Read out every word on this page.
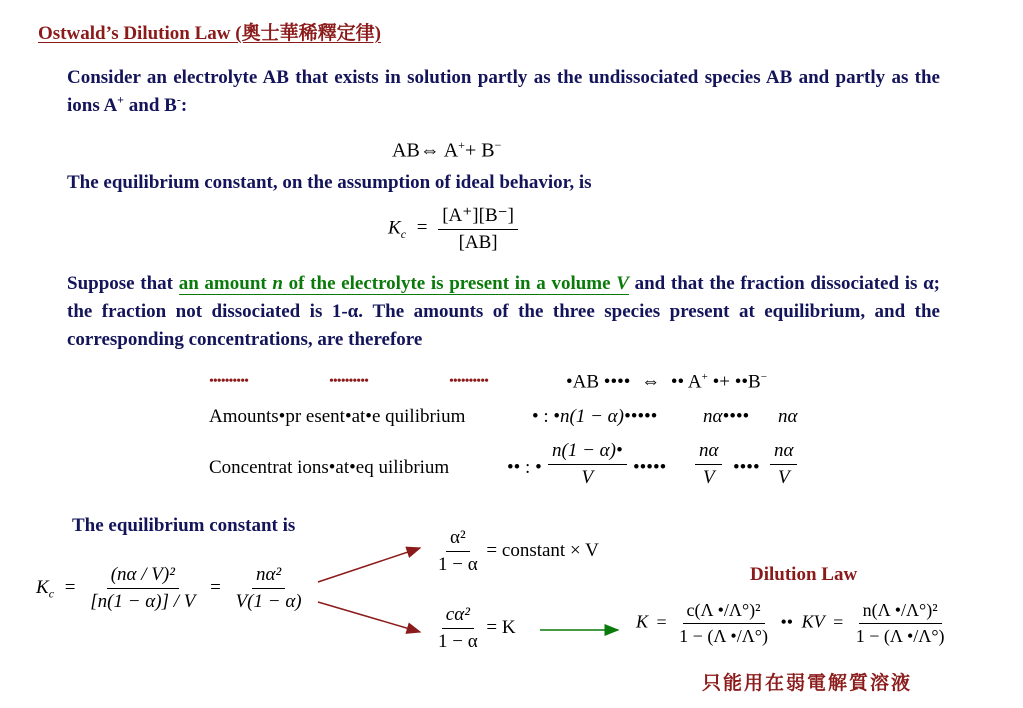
Ostwald’s Dilution Law (奧士華稀釋定律)
Consider an electrolyte AB that exists in solution partly as the undissociated species AB and partly as the ions A+ and B-:
AB⇔ A++ B−
The equilibrium constant, on the assumption of ideal behavior, is
$K_c = \frac{[A^+][B^-]}{[AB]}$
Suppose that an amount n of the electrolyte is present in a volume V and that the fraction dissociated is α; the fraction not dissociated is 1-α. The amounts of the three species present at equilibrium, and the corresponding concentrations, are therefore
••••••••••	••••••••••	••••••••••	•AB •••• ⇔ •• A+ •+ ••B−
Amounts•pr esent•at•e quilibrium	• : • n(1 − α)••••• nα•••• nα
Concentrat ions•at•eq uilibrium	•• : • $\frac{n(1 - \alpha)•}{V}$ ••••• $\frac{n\alpha}{V}$ •••• $\frac{n\alpha}{V}$
The equilibrium constant is
$K_c = \frac{\text{(nα / V)²}}{[n(1 - \alpha)] / V} = \frac{\text{nα²}}{V(1 - \alpha)}$
$\frac{\text{α²}}{1 - \alpha}$ = constant × V
$\frac{\text{cα²}}{1 - \alpha} = K$
Dilution Law
$K = \frac{\text{c(Λ •/Λ°)²}}{1 - (\Lambda •/\Lambda^\circ)}$ •• KV = $\frac{\text{n(Λ •/Λ°)²}}{1 - (\Lambda •/\Lambda^\circ)}$
只能用在弱電解質溶液
